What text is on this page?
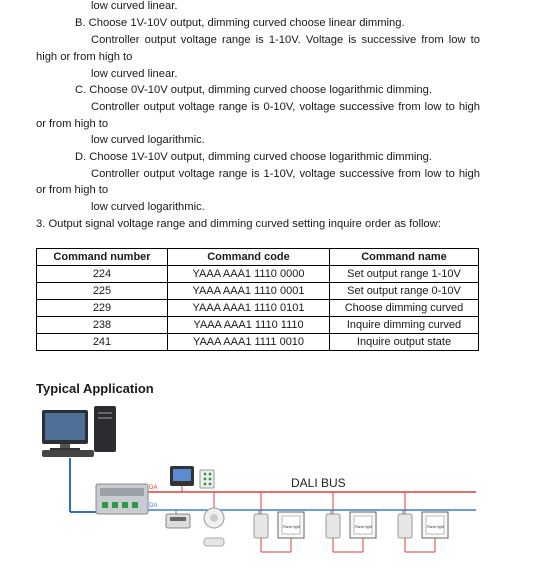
low curved linear.
B. Choose 1V-10V output, dimming curved choose linear dimming.
Controller output voltage range is 1-10V. Voltage is successive from low to
high or from high to
low curved linear.
C. Choose 0V-10V output, dimming curved choose logarithmic dimming.
Controller output voltage range is 0-10V, voltage successive from low to high
or from high to
low curved logarithmic.
D. Choose 1V-10V output, dimming curved choose logarithmic dimming.
Controller output voltage range is 1-10V, voltage successive from low to high
or from high to
low curved logarithmic.
3. Output signal voltage range and dimming curved setting inquire order as follow:
Command number	Command code	Command name
224	YAAA AAA1 1110 0000	Set output range 1-10V
225	YAAA AAA1 1110 0001	Set output range 0-10V
229	YAAA AAA1 1110 0101	Choose dimming curved
238	YAAA AAA1 1110 1110	Inquire dimming curved
241	YAAA AAA1 1111 0010	Inquire output state
Typical Application
DA
DA
DALI BUS
Panel light	Panel light	Panel light
